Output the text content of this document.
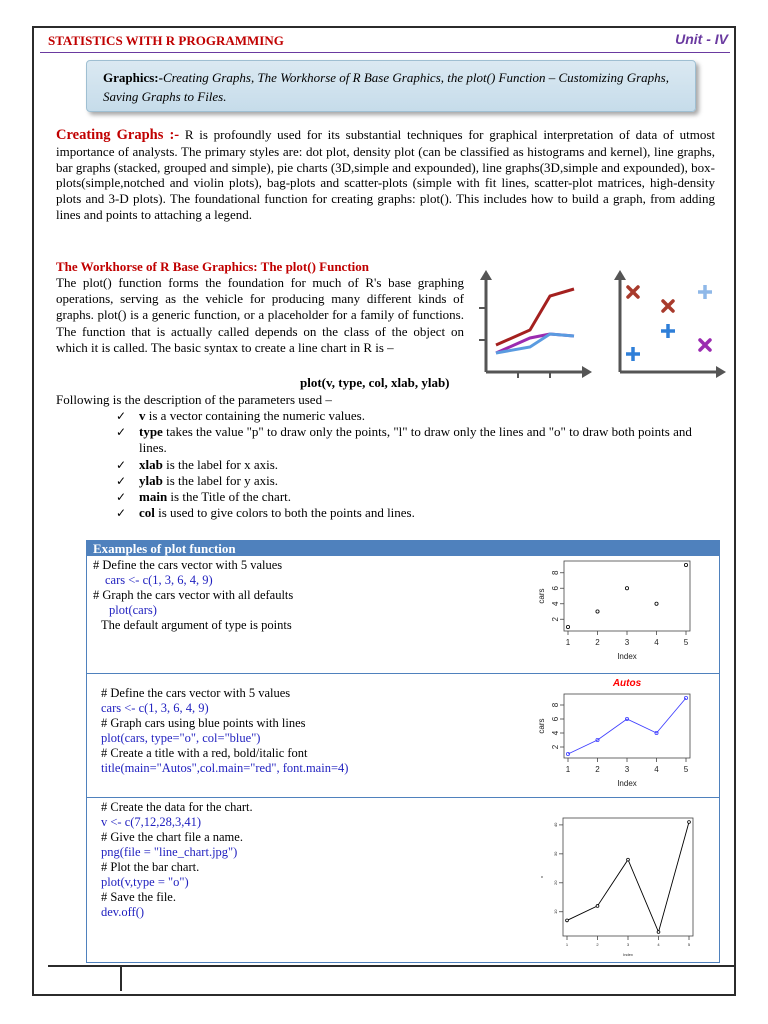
STATISTICS WITH R PROGRAMMING	Unit - IV
Graphics:-Creating Graphs, The Workhorse of R Base Graphics, the plot() Function – Customizing Graphs, Saving Graphs to Files.
Creating Graphs :- R is profoundly used for its substantial techniques for graphical interpretation of data of utmost importance of analysts. The primary styles are: dot plot, density plot (can be classified as histograms and kernel), line graphs, bar graphs (stacked, grouped and simple), pie charts (3D,simple and expounded), line graphs(3D,simple and expounded), box-plots(simple,notched and violin plots), bag-plots and scatter-plots (simple with fit lines, scatter-plot matrices, high-density plots and 3-D plots). The foundational function for creating graphs: plot(). This includes how to build a graph, from adding lines and points to attaching a legend.
The Workhorse of R Base Graphics: The plot() Function
The plot() function forms the foundation for much of R's base graphing operations, serving as the vehicle for producing many different kinds of graphs. plot() is a generic function, or a placeholder for a family of functions. The function that is actually called depends on the class of the object on which it is called. The basic syntax to create a line chart in R is –
plot(v, type, col, xlab, ylab)
Following is the description of the parameters used –
✓ v is a vector containing the numeric values.
✓ type takes the value "p" to draw only the points, "l" to draw only the lines and "o" to draw both points and lines.
✓ xlab is the label for x axis.
✓ ylab is the label for y axis.
✓ main is the Title of the chart.
✓ col is used to give colors to both the points and lines.
Examples of plot function
# Define the cars vector with 5 values
cars <- c(1, 3, 6, 4, 9)
# Graph the cars vector with all defaults
plot(cars)
The default argument of type is points
# Define the cars vector with 5 values
cars <- c(1, 3, 6, 4, 9)
# Graph cars using blue points with lines
plot(cars, type="o", col="blue")
# Create a title with a red, bold/italic font
title(main="Autos",col.main="red", font.main=4)
# Create the data for the chart.
v <- c(7,12,28,3,41)
# Give the chart file a name.
png(file = "line_chart.jpg")
# Plot the bar chart.
plot(v,type = "o")
# Save the file.
dev.off()
1	2	3	4	5
2
4
6
8
Index
cars
1	2	3	4	5
2
4
6
8
Index
cars
Autos
1	2	3	4	5
10
20
30
40
Index
v
